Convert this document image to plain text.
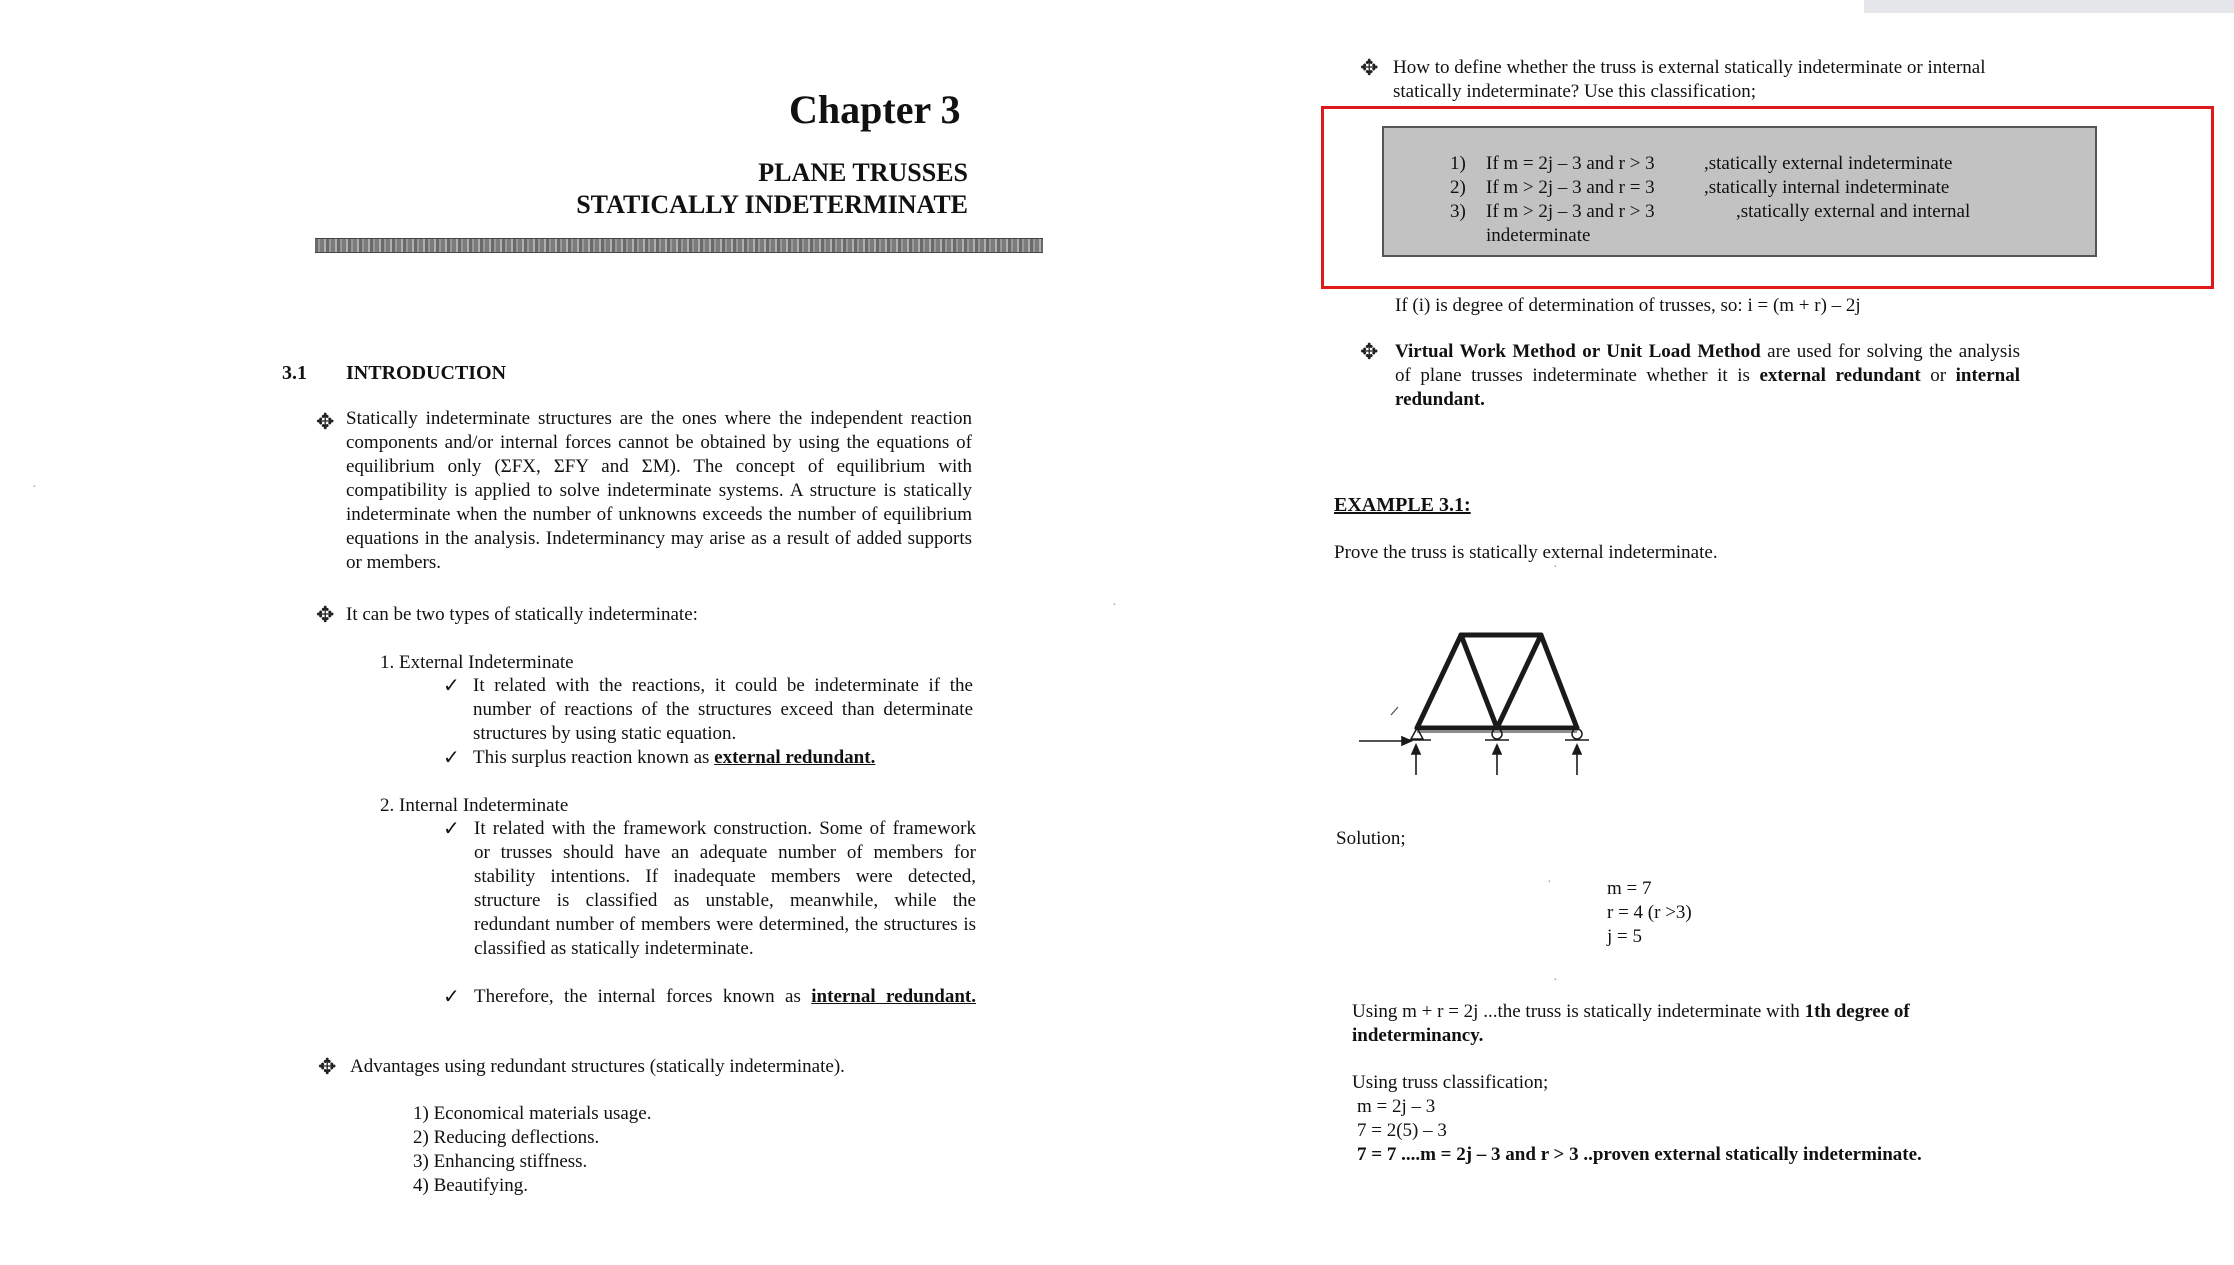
Chapter 3
PLANE TRUSSES
STATICALLY INDETERMINATE
3.1 INTRODUCTION
✥ Statically indeterminate structures are the ones where the independent reaction components and/or internal forces cannot be obtained by using the equations of equilibrium only (ΣFX, ΣFY and ΣM). The concept of equilibrium with compatibility is applied to solve indeterminate systems. A structure is statically indeterminate when the number of unknowns exceeds the number of equilibrium equations in the analysis. Indeterminancy may arise as a result of added supports or members.
✥ It can be two types of statically indeterminate:
1. External Indeterminate
✓ It related with the reactions, it could be indeterminate if the number of reactions of the structures exceed than determinate structures by using static equation.
✓ This surplus reaction known as external redundant.
2. Internal Indeterminate
✓ It related with the framework construction. Some of framework or trusses should have an adequate number of members for stability intentions. If inadequate members were detected, structure is classified as unstable, meanwhile, while the redundant number of members were determined, the structures is classified as statically indeterminate.
✓ Therefore, the internal forces known as internal redundant.
✥ Advantages using redundant structures (statically indeterminate).
1) Economical materials usage.
2) Reducing deflections.
3) Enhancing stiffness.
4) Beautifying.
·
·
✥ How to define whether the truss is external statically indeterminate or internal statically indeterminate? Use this classification;
1)	If m = 2j – 3 and r > 3	,statically external indeterminate
2)	If m > 2j – 3 and r = 3	,statically internal indeterminate
3)	If m > 2j – 3 and r > 3	,statically external and internal
indeterminate
If (i) is degree of determination of trusses, so: i = (m + r) – 2j
✥ Virtual Work Method or Unit Load Method are used for solving the analysis of plane trusses indeterminate whether it is external redundant or internal redundant.
EXAMPLE 3.1:
Prove the truss is statically external indeterminate.
Solution;
m = 7
r = 4 (r >3)
j = 5
Using m + r = 2j ...the truss is statically indeterminate with 1th degree of
indeterminancy.
Using truss classification;
m = 2j – 3
7 = 2(5) – 3
7 = 7 ....m = 2j – 3 and r > 3 ..proven external statically indeterminate.
·
·
·
